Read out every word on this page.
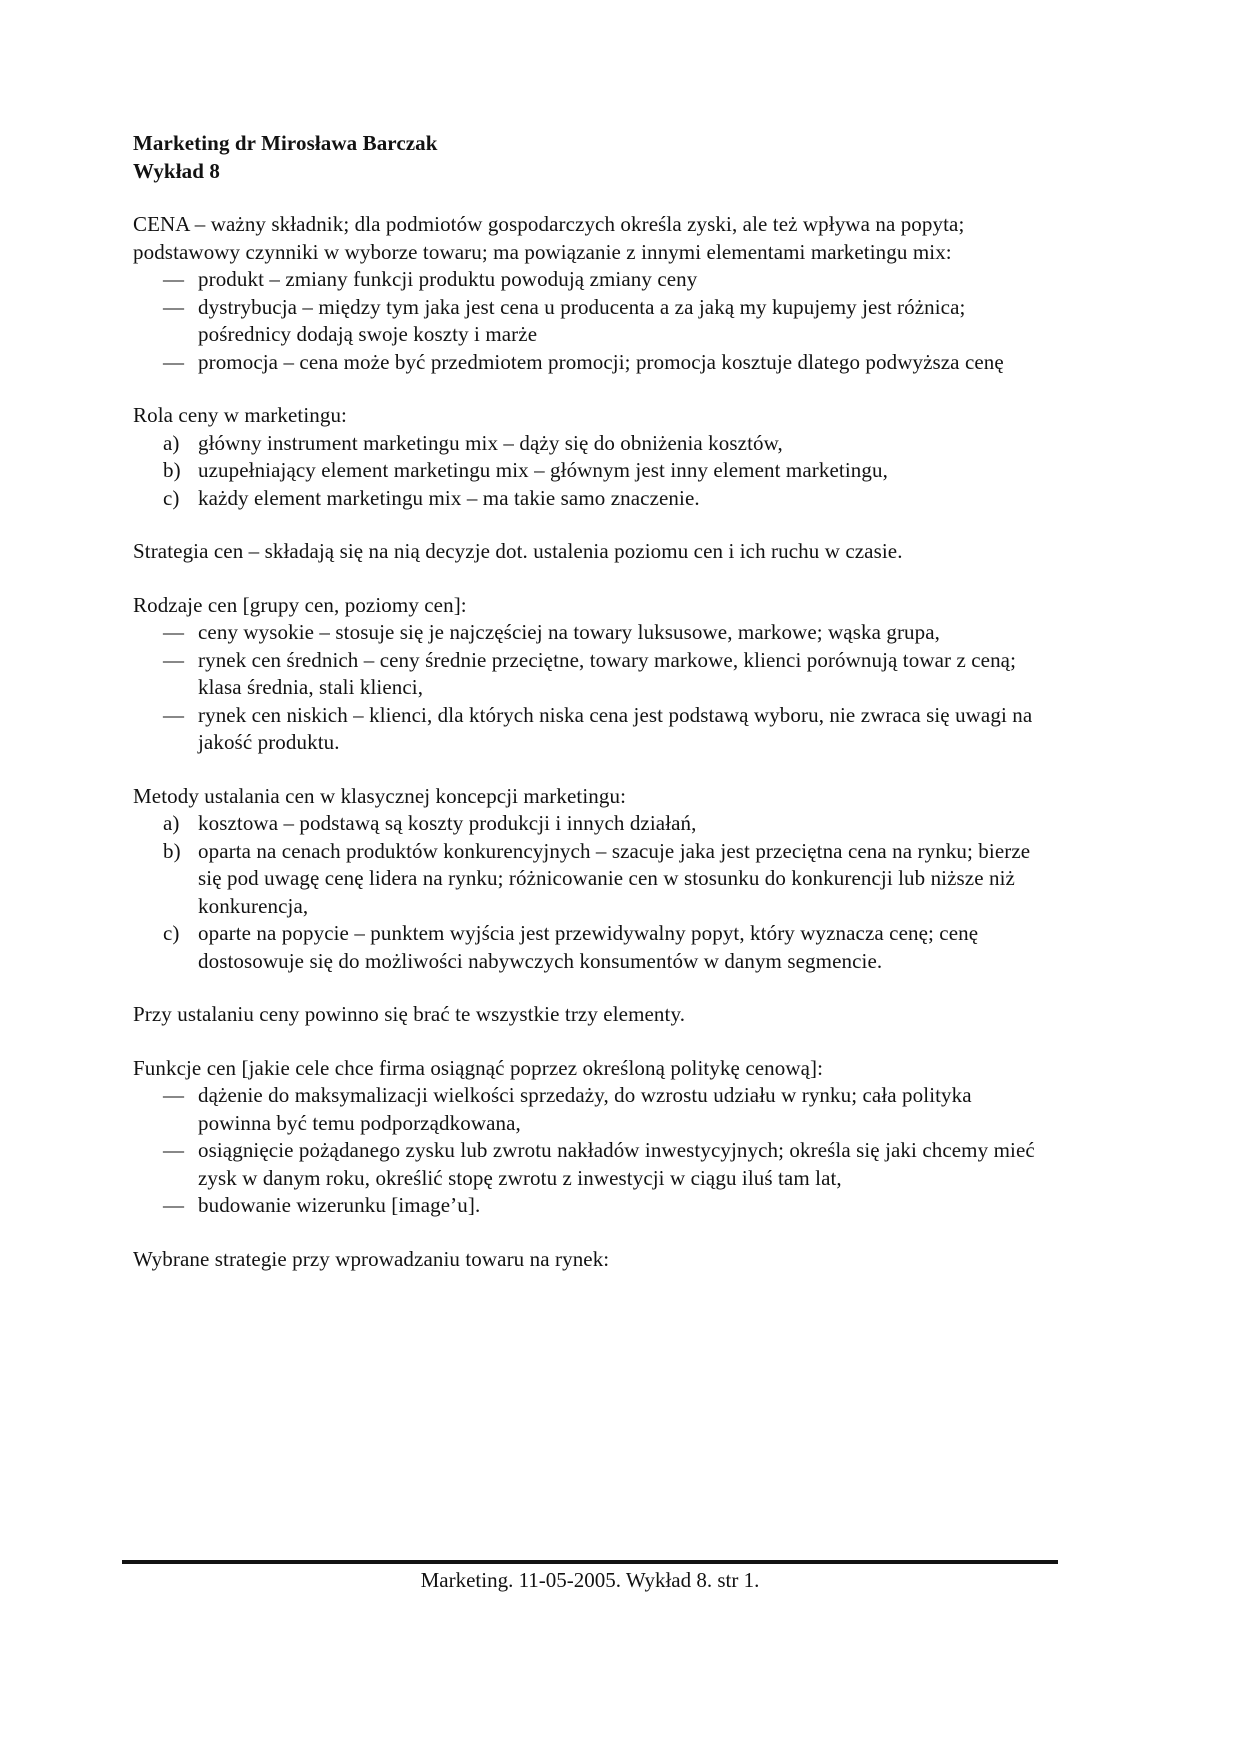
Marketing dr Mirosława Barczak

Wykład 8

CENA – ważny składnik; dla podmiotów gospodarczych określa zyski, ale też wpływa na popyta; podstawowy czynniki w wyborze towaru; ma powiązanie z innymi elementami marketingu mix:

— produkt – zmiany funkcji produktu powodują zmiany ceny
— dystrybucja – między tym jaka jest cena u producenta a za jaką my kupujemy jest różnica; pośrednicy dodają swoje koszty i marże
— promocja – cena może być przedmiotem promocji; promocja kosztuje dlatego podwyższa cenę

Rola ceny w marketingu:

a) główny instrument marketingu mix – dąży się do obniżenia kosztów,
b) uzupełniający element marketingu mix – głównym jest inny element marketingu,
c) każdy element marketingu mix – ma takie samo znaczenie.

Strategia cen – składają się na nią decyzje dot. ustalenia poziomu cen i ich ruchu w czasie.

Rodzaje cen [grupy cen, poziomy cen]:

— ceny wysokie – stosuje się je najczęściej na towary luksusowe, markowe; wąska grupa,
— rynek cen średnich – ceny średnie przeciętne, towary markowe, klienci porównują towar z ceną; klasa średnia, stali klienci,
— rynek cen niskich – klienci, dla których niska cena jest podstawą wyboru, nie zwraca się uwagi na jakość produktu.

Metody ustalania cen w klasycznej koncepcji marketingu:

a) kosztowa – podstawą są koszty produkcji i innych działań,
b) oparta na cenach produktów konkurencyjnych – szacuje jaka jest przeciętna cena na rynku; bierze się pod uwagę cenę lidera na rynku; różnicowanie cen w stosunku do konkurencji lub niższe niż konkurencja,
c) oparte na popycie – punktem wyjścia jest przewidywalny popyt, który wyznacza cenę; cenę dostosowuje się do możliwości nabywczych konsumentów w danym segmencie.

Przy ustalaniu ceny powinno się brać te wszystkie trzy elementy.

Funkcje cen [jakie cele chce firma osiągnąć poprzez określoną politykę cenową]:

— dążenie do maksymalizacji wielkości sprzedaży, do wzrostu udziału w rynku; cała polityka powinna być temu podporządkowana,
— osiągnięcie pożądanego zysku lub zwrotu nakładów inwestycyjnych; określa się jaki chcemy mieć zysk w danym roku, określić stopę zwrotu z inwestycji w ciągu iluś tam lat,
— budowanie wizerunku [image’u].

Wybrane strategie przy wprowadzaniu towaru na rynek:

Marketing. 11-05-2005. Wykład 8. str 1.
